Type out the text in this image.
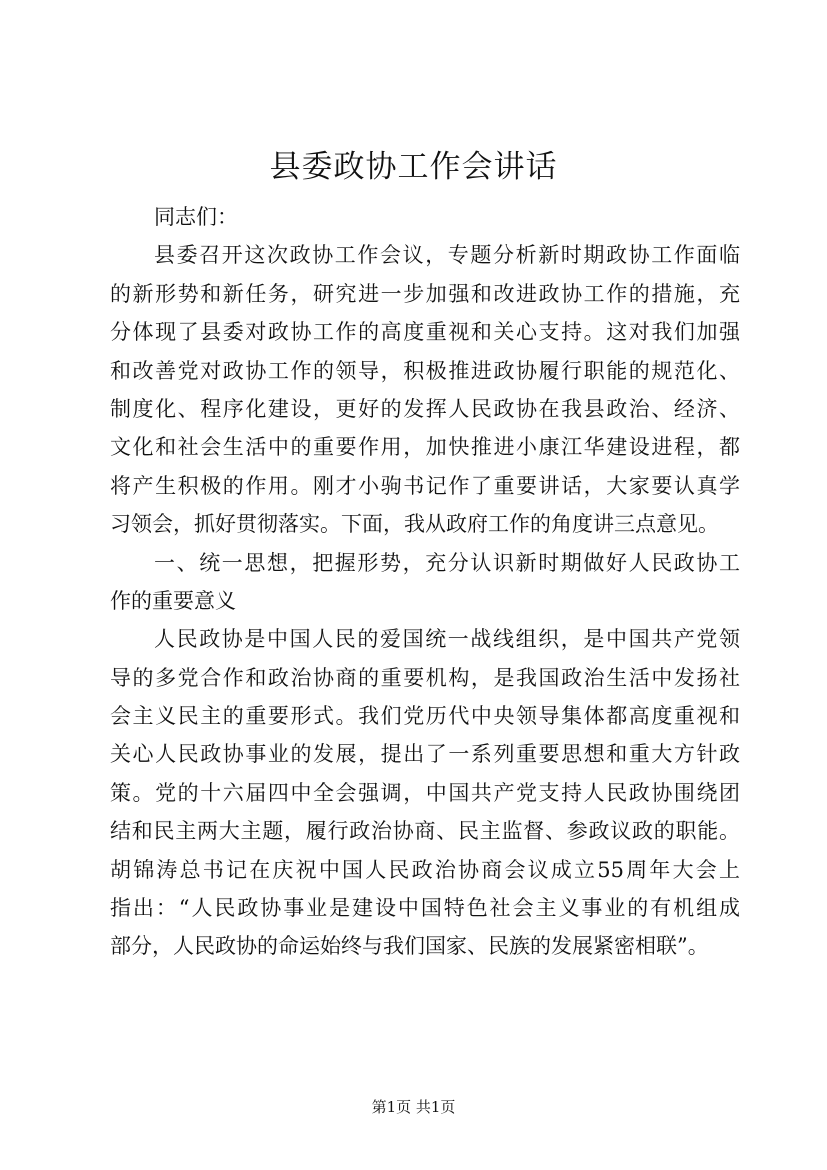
县委政协工作会讲话
同志们：
县委召开这次政协工作会议，专题分析新时期政协工作面临
的新形势和新任务，研究进一步加强和改进政协工作的措施，充
分体现了县委对政协工作的高度重视和关心支持。这对我们加强
和改善党对政协工作的领导，积极推进政协履行职能的规范化、
制度化、程序化建设，更好的发挥人民政协在我县政治、经济、
文化和社会生活中的重要作用，加快推进小康江华建设进程，都
将产生积极的作用。刚才小驹书记作了重要讲话，大家要认真学
习领会，抓好贯彻落实。下面，我从政府工作的角度讲三点意见。
一、统一思想，把握形势，充分认识新时期做好人民政协工
作的重要意义
人民政协是中国人民的爱国统一战线组织，是中国共产党领
导的多党合作和政治协商的重要机构，是我国政治生活中发扬社
会主义民主的重要形式。我们党历代中央领导集体都高度重视和
关心人民政协事业的发展，提出了一系列重要思想和重大方针政
策。党的十六届四中全会强调，中国共产党支持人民政协围绕团
结和民主两大主题，履行政治协商、民主监督、参政议政的职能。
胡锦涛总书记在庆祝中国人民政治协商会议成立55周年大会上
指出：“人民政协事业是建设中国特色社会主义事业的有机组成
部分，人民政协的命运始终与我们国家、民族的发展紧密相联”。
第1页 共1页
